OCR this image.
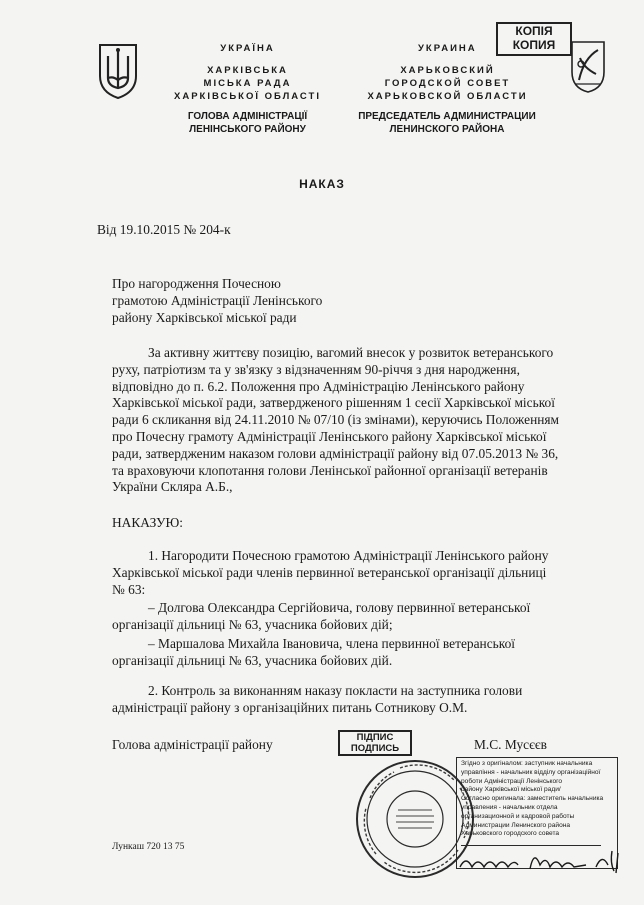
УКРАЇНА
ХАРКІВСЬКА
МІСЬКА РАДА
ХАРКІВСЬКОЇ ОБЛАСТІ
ГОЛОВА АДМІНІСТРАЦІЇ
ЛЕНІНСЬКОГО РАЙОНУ
УКРАИНА
ХАРЬКОВСКИЙ
ГОРОДСКОЙ СОВЕТ
ХАРЬКОВСКОЙ ОБЛАСТИ
ПРЕДСЕДАТЕЛЬ АДМИНИСТРАЦИИ
ЛЕНИНСКОГО РАЙОНА
КОПІЯ
КОПИЯ
НАКАЗ
Від 19.10.2015 № 204-к
Про нагородження Почесною
грамотою Адміністрації Ленінського
району Харківської міської ради
За активну життєву позицію, вагомий внесок у розвиток ветеранського
руху, патріотизм та у зв'язку з відзначенням 90-річчя з дня народження,
відповідно до п. 6.2. Положення про Адміністрацію Ленінського району
Харківської міської ради, затвердженого рішенням 1 сесії Харківської міської
ради 6 скликання від 24.11.2010 № 07/10 (із змінами), керуючись Положенням
про Почесну грамоту Адміністрації Ленінського району Харківської міської
ради, затвердженим наказом голови адміністрації району від 07.05.2013 № 36,
та враховуючи клопотання голови Ленінської районної організації ветеранів
України Скляра А.Б.,
НАКАЗУЮ:
1. Нагородити Почесною грамотою Адміністрації Ленінського району
Харківської міської ради членів первинної ветеранської організації дільниці
№ 63:
– Долгова Олександра Сергійовича, голову первинної ветеранської
організації дільниці № 63, учасника бойових дій;
– Маршалова Михайла Івановича, члена первинної ветеранської
організації дільниці № 63, учасника бойових дій.
2. Контроль за виконанням наказу покласти на заступника голови
адміністрації району з організаційних питань Сотникову О.М.
Голова адміністрації району	ПІДПИС
ПОДПИСЬ	М.С. Мусєєв
Згідно з оригіналом: заступник начальника
управління - начальник відділу організаційної
роботи Адміністрації Ленінського
району Харківської міської ради/
Согласно оригинала: заместитель начальника
управления - начальник отдела
организационной и кадровой работы
Администрации Ленинского района
Харьковского городского совета
Лункаш 720 13 75
